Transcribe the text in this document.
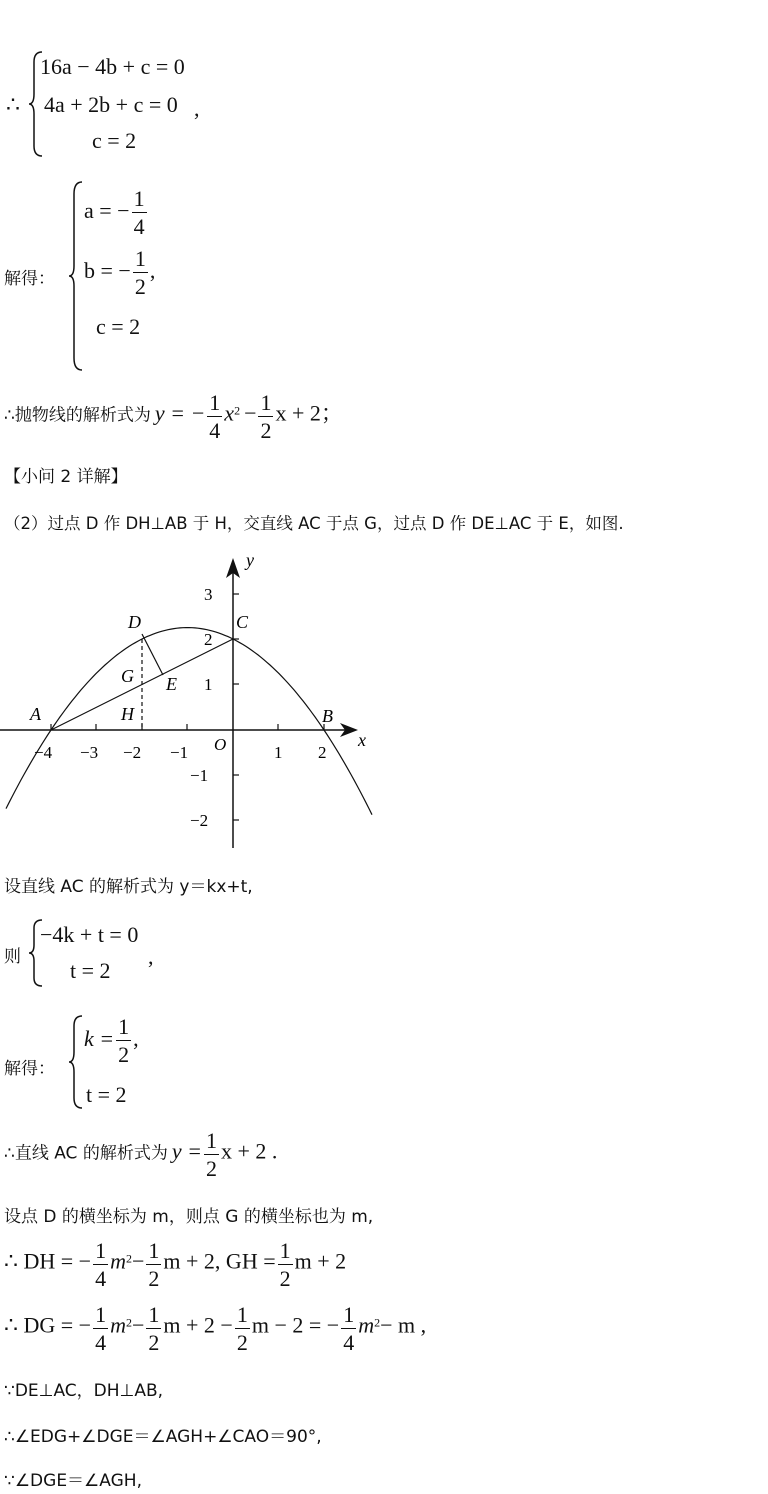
∴
16a − 4b + c = 0
4a + 2b + c = 0
c = 2
,
解得：
a = − $\frac{1}{4}$
b = − $\frac{1}{2}$ ,
c = 2
∴抛物线的解析式为 y = − $\frac{1}{4} x^2 - \frac{1}{2}$ x + 2；
【小问 2 详解】
（2）过点 D 作 DH⊥AB 于 H，交直线 AC 于点 G，过点 D 作 DE⊥AC 于 E，如图.
−4 −3 −2 −1	1 2
3
2
1
−1
−2
x
y
O
A	B
C
D
E
G
H
设直线 AC 的解析式为 y＝kx+t,
则
−4k + t = 0
t = 2
,
解得：
$k = \frac{1}{2}$ ,
t = 2
∴直线 AC 的解析式为 $y = \frac{1}{2}$ x + 2 .
设点 D 的横坐标为 m，则点 G 的横坐标也为 m,
∴ DH = − $\frac{1}{4} m^2- \frac{1}{2}$ m + 2, GH = $\frac{1}{2}$ m + 2
∴ DG = − $\frac{1}{4} m^2- \frac{1}{2}$ $m + 2 - \frac{1}{2}$ m − 2 = − $\frac{1}{4} m^2- m$ ,
∵DE⊥AC，DH⊥AB,
∴∠EDG+∠DGE＝∠AGH+∠CAO＝90°,
∵∠DGE＝∠AGH,
